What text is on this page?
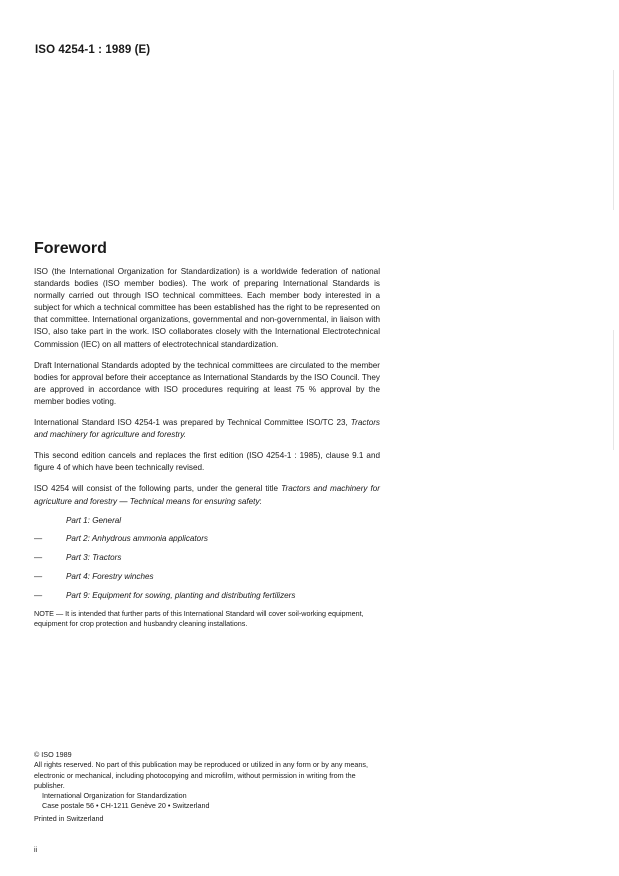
ISO 4254-1 : 1989 (E)
Foreword

ISO (the International Organization for Standardization) is a worldwide federation of national standards bodies (ISO member bodies). The work of preparing International Standards is normally carried out through ISO technical committees. Each member body interested in a subject for which a technical committee has been established has the right to be represented on that committee. International organizations, governmental and non-governmental, in liaison with ISO, also take part in the work. ISO collaborates closely with the International Electrotechnical Commission (IEC) on all matters of electrotechnical standardization.

Draft International Standards adopted by the technical committees are circulated to the member bodies for approval before their acceptance as International Standards by the ISO Council. They are approved in accordance with ISO procedures requiring at least 75 % approval by the member bodies voting.

International Standard ISO 4254-1 was prepared by Technical Committee ISO/TC 23, Tractors and machinery for agriculture and forestry.

This second edition cancels and replaces the first edition (ISO 4254-1 : 1985), clause 9.1 and figure 4 of which have been technically revised.

ISO 4254 will consist of the following parts, under the general title Tractors and machinery for agriculture and forestry — Technical means for ensuring safety:

Part 1: General
—	Part 2: Anhydrous ammonia applicators
—	Part 3: Tractors
—	Part 4: Forestry winches
—	Part 9: Equipment for sowing, planting and distributing fertilizers

NOTE — It is intended that further parts of this International Standard will cover soil-working equipment, equipment for crop protection and husbandry cleaning installations.

© ISO 1989
All rights reserved. No part of this publication may be reproduced or utilized in any form or by any means, electronic or mechanical, including photocopying and microfilm, without permission in writing from the publisher.
International Organization for Standardization
Case postale 56 • CH-1211 Genève 20 • Switzerland
Printed in Switzerland
ii
